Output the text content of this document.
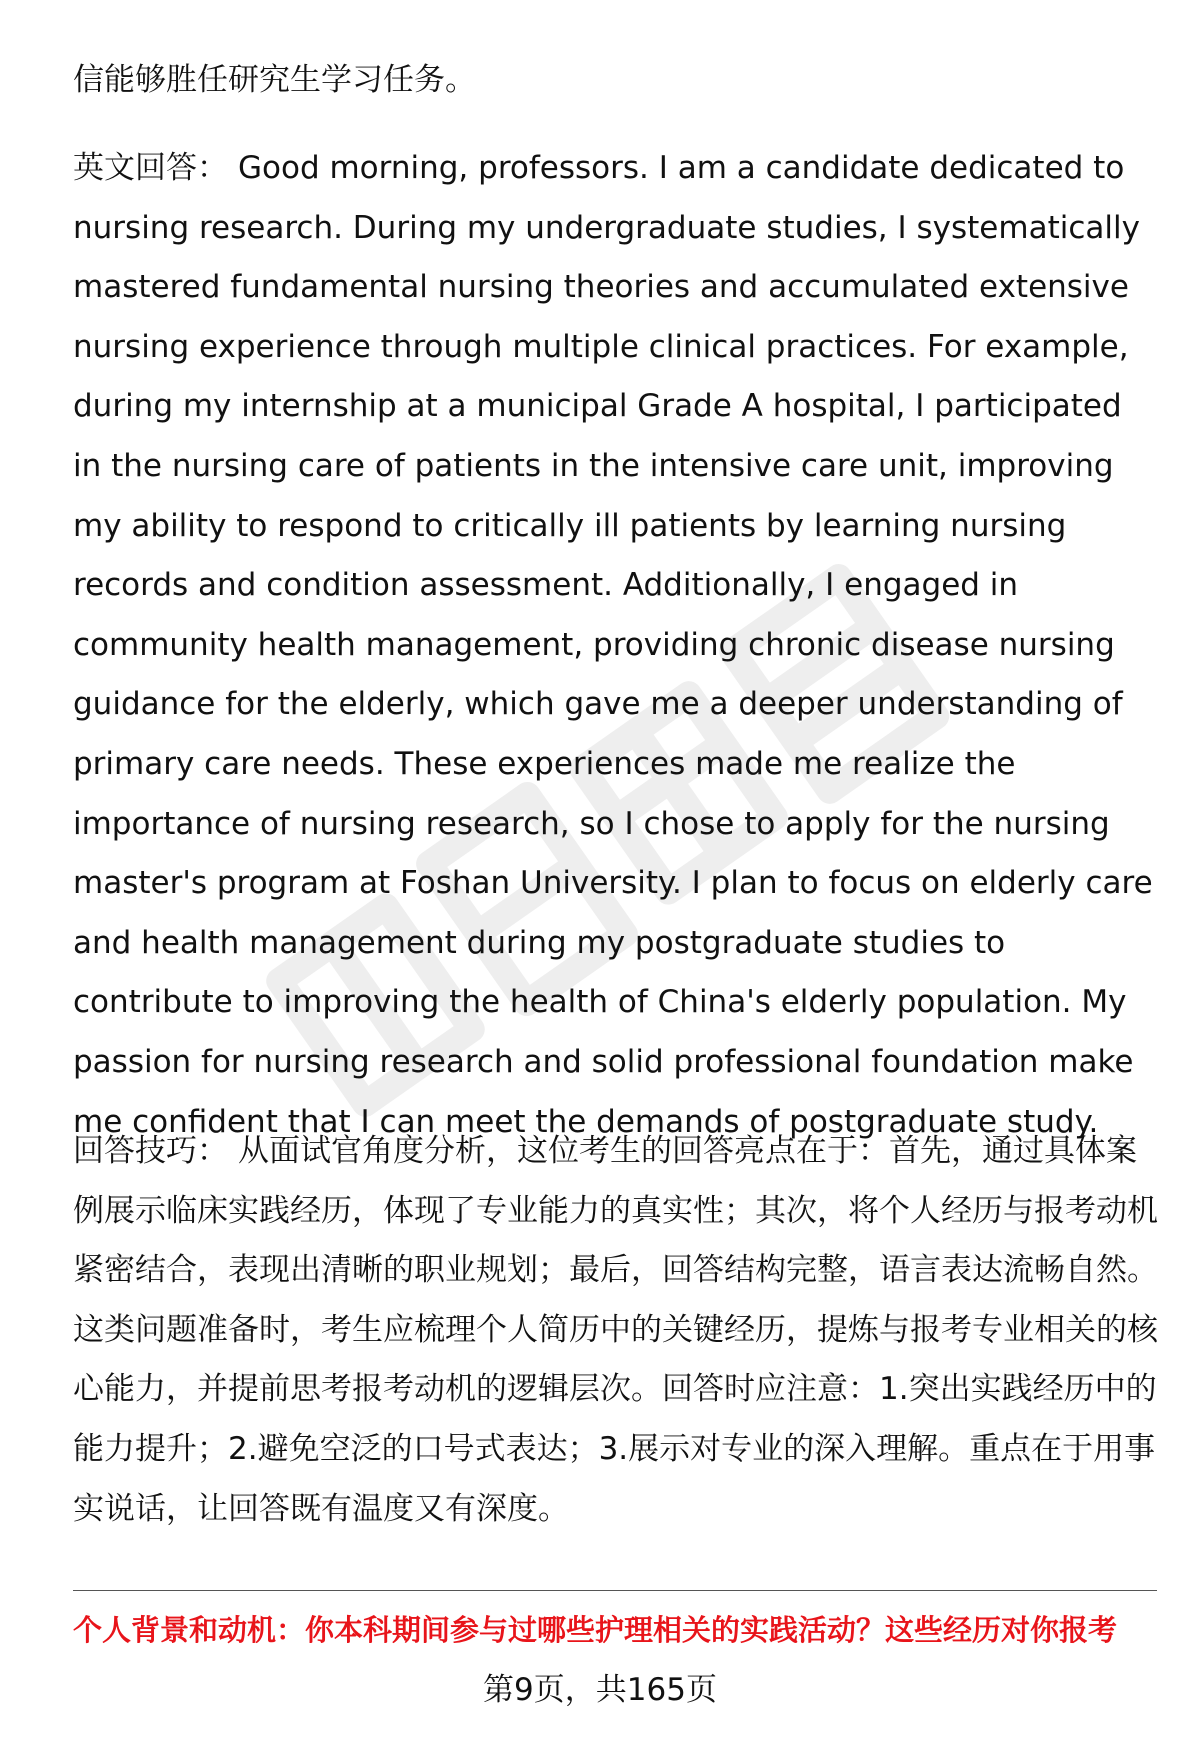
信能够胜任研究生学习任务。

英文回答： Good morning, professors. I am a candidate dedicated to nursing research. During my undergraduate studies, I systematically mastered fundamental nursing theories and accumulated extensive nursing experience through multiple clinical practices. For example, during my internship at a municipal Grade A hospital, I participated in the nursing care of patients in the intensive care unit, improving my ability to respond to critically ill patients by learning nursing records and condition assessment. Additionally, I engaged in community health management, providing chronic disease nursing guidance for the elderly, which gave me a deeper understanding of primary care needs. These experiences made me realize the importance of nursing research, so I chose to apply for the nursing master's program at Foshan University. I plan to focus on elderly care and health management during my postgraduate studies to contribute to improving the health of China's elderly population. My passion for nursing research and solid professional foundation make me confident that I can meet the demands of postgraduate study.

回答技巧： 从面试官角度分析，这位考生的回答亮点在于：首先，通过具体案例展示临床实践经历，体现了专业能力的真实性；其次，将个人经历与报考动机紧密结合，表现出清晰的职业规划；最后，回答结构完整，语言表达流畅自然。这类问题准备时，考生应梳理个人简历中的关键经历，提炼与报考专业相关的核心能力，并提前思考报考动机的逻辑层次。回答时应注意：1.突出实践经历中的能力提升；2.避免空泛的口号式表达；3.展示对专业的深入理解。重点在于用事实说话，让回答既有温度又有深度。

个人背景和动机：你本科期间参与过哪些护理相关的实践活动？这些经历对你报考
第9页，共165页
